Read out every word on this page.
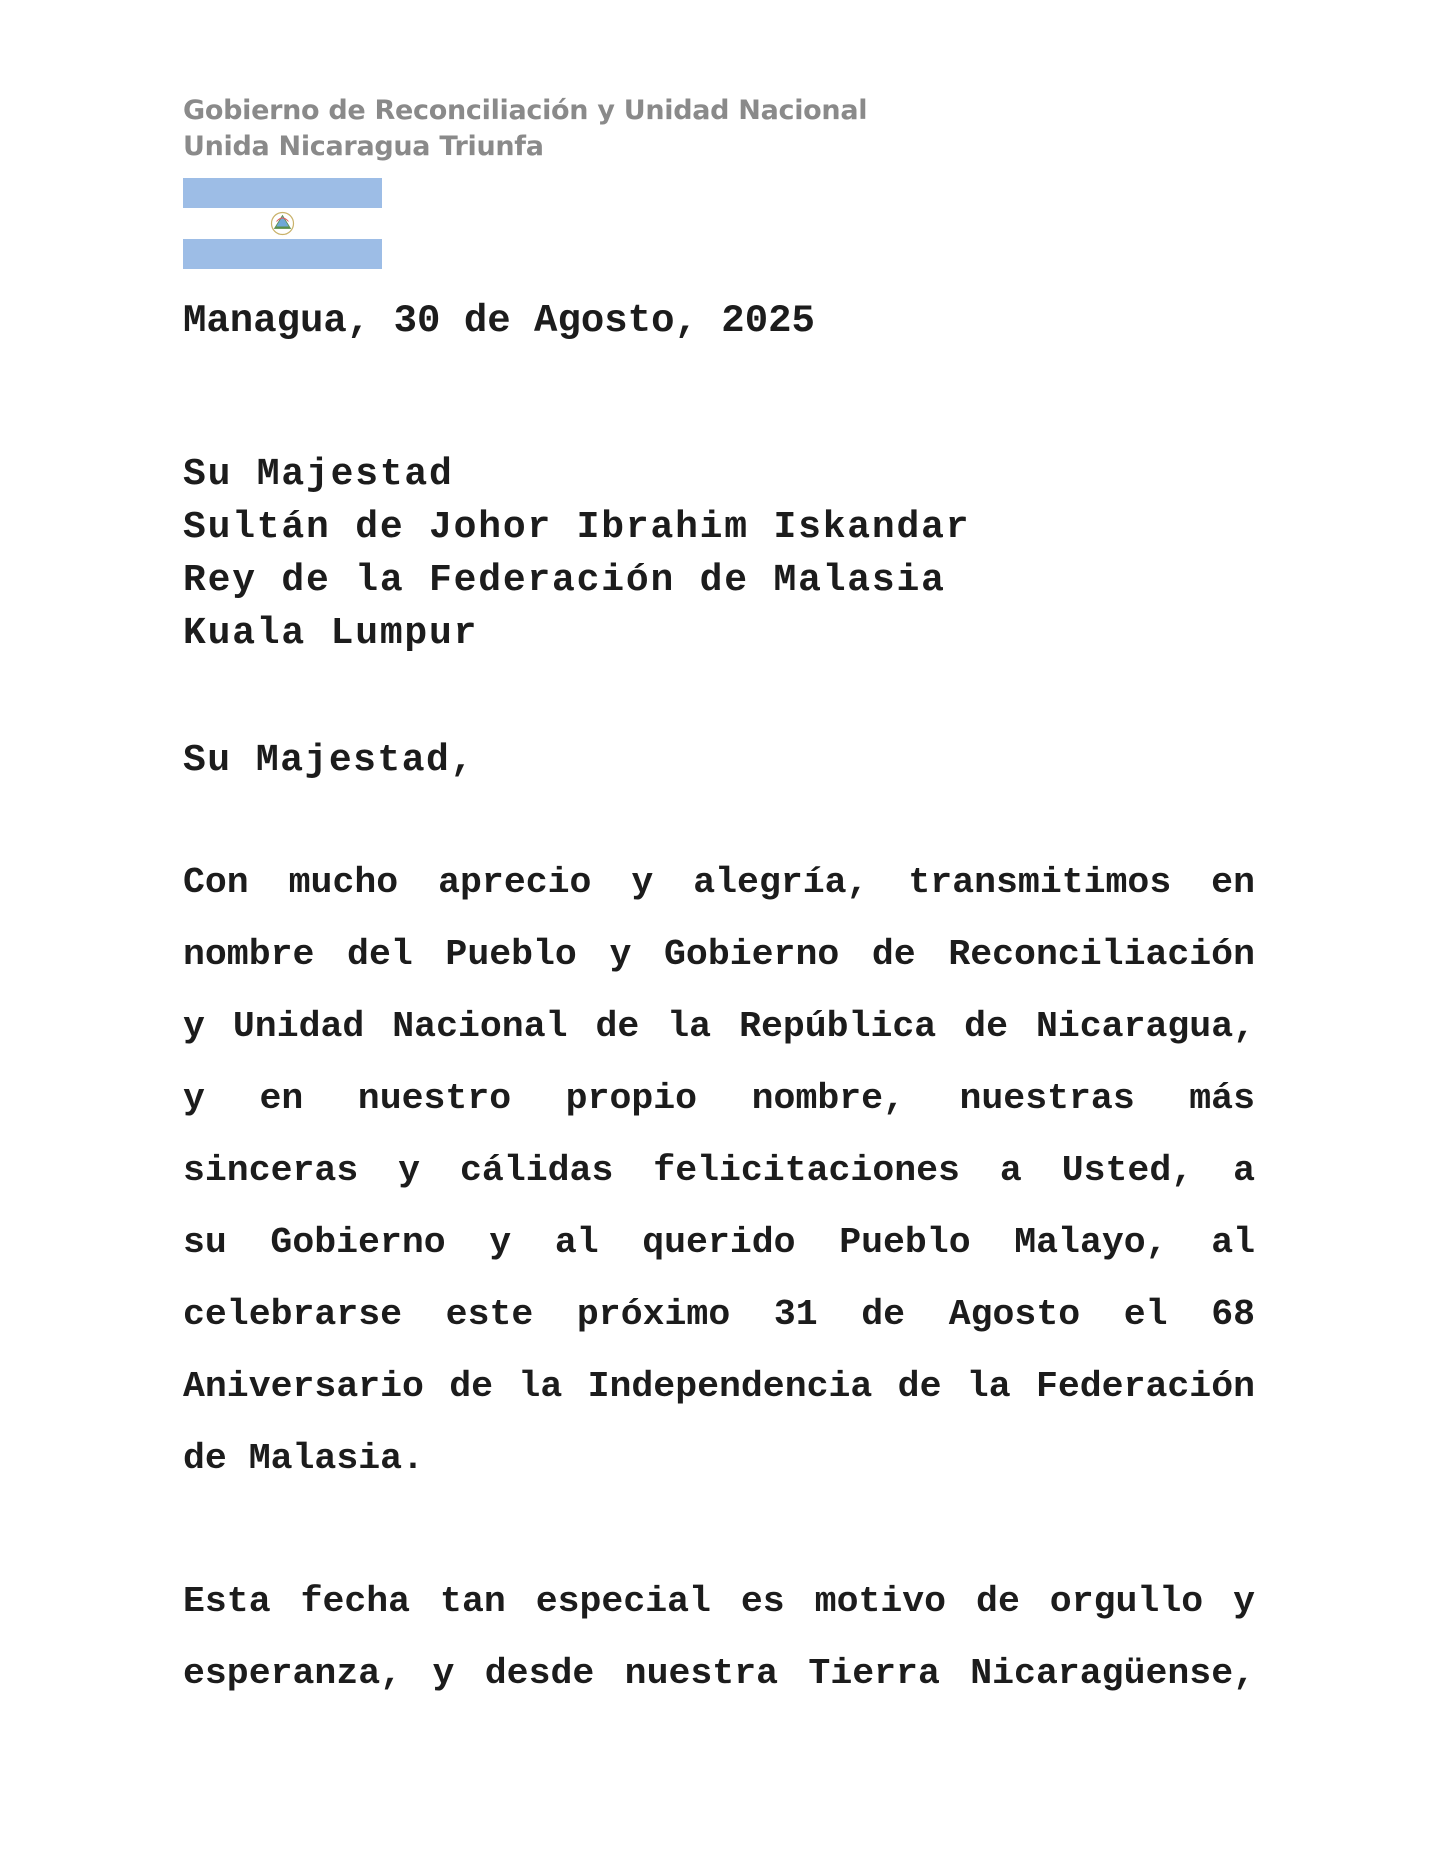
Gobierno de Reconciliación y Unidad Nacional
Unida Nicaragua Triunfa
Managua, 30 de Agosto, 2025
Su Majestad
Sultán de Johor Ibrahim Iskandar
Rey de la Federación de Malasia
Kuala Lumpur
Su Majestad,
Con mucho aprecio y alegría, transmitimos en
nombre del Pueblo y Gobierno de Reconciliación
y Unidad Nacional de la República de Nicaragua,
y en nuestro propio nombre, nuestras más
sinceras y cálidas felicitaciones a Usted, a
su Gobierno y al querido Pueblo Malayo, al
celebrarse este próximo 31 de Agosto el 68
Aniversario de la Independencia de la Federación
de Malasia.
Esta fecha tan especial es motivo de orgullo y
esperanza, y desde nuestra Tierra Nicaragüense,
